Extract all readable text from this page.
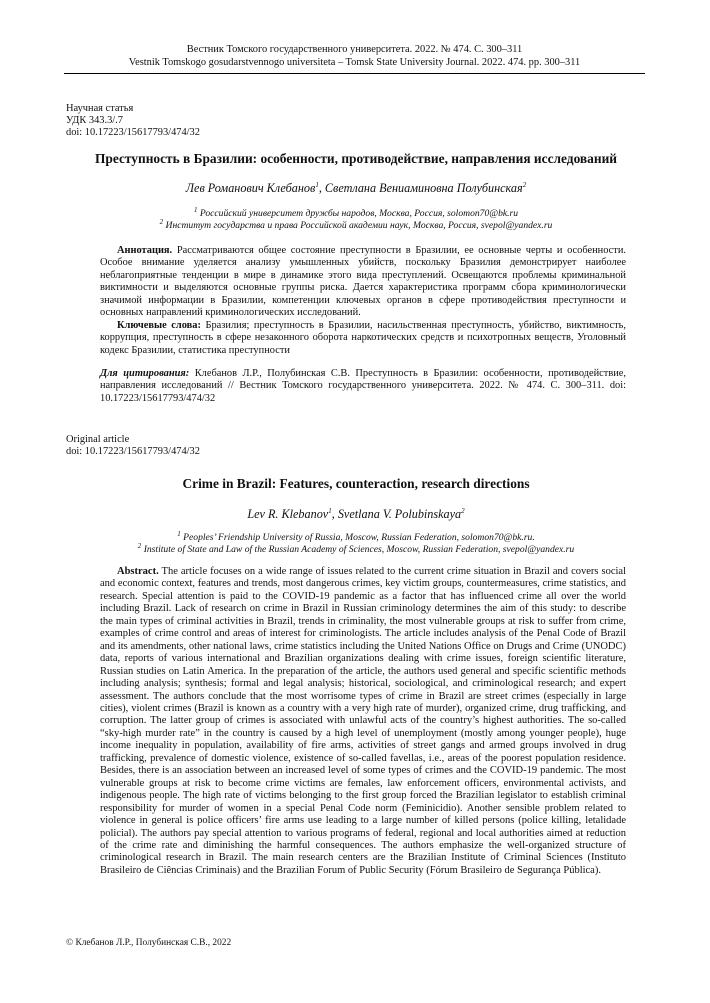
Вестник Томского государственного университета. 2022. № 474. С. 300–311
Vestnik Tomskogo gosudarstvennogo universiteta – Tomsk State University Journal. 2022. 474. pp. 300–311
Научная статья
УДК 343.3/.7
doi: 10.17223/15617793/474/32
Преступность в Бразилии: особенности, противодействие, направления исследований
Лев Романович Клебанов$^1$, Светлана Вениаминовна Полубинская$^2$
$^1$ Российский университет дружбы народов, Москва, Россия, solomon70@bk.ru
$^2$ Институт государства и права Российской академии наук, Москва, Россия, svepol@yandex.ru

Аннотация. Рассматриваются общее состояние преступности в Бразилии, ее основные черты и особенности. Особое внимание уделяется анализу умышленных убийств, поскольку Бразилия демонстрирует наиболее неблагоприятные тенденции в мире в динамике этого вида преступлений. Освещаются проблемы криминальной виктимности и выделяются основные группы риска. Дается характеристика программ сбора криминологически значимой информации в Бразилии, компетенции ключевых органов в сфере противодействия преступности и основных направлений криминологических исследований.

Ключевые слова: Бразилия; преступность в Бразилии, насильственная преступность, убийство, виктимность, коррупция, преступность в сфере незаконного оборота наркотических средств и психотропных веществ, Уголовный кодекс Бразилии, статистика преступности

Для цитирования: Клебанов Л.Р., Полубинская С.В. Преступность в Бразилии: особенности, противодействие, направления исследований // Вестник Томского государственного университета. 2022. № 474. С. 300–311. doi: 10.17223/15617793/474/32

Original article
doi: 10.17223/15617793/474/32
Crime in Brazil: Features, counteraction, research directions
Lev R. Klebanov$^1$, Svetlana V. Polubinskaya$^2$
$^1$ Peoples’ Friendship University of Russia, Moscow, Russian Federation, solomon70@bk.ru.
$^2$ Institute of State and Law of the Russian Academy of Sciences, Moscow, Russian Federation, svepol@yandex.ru

Abstract. The article focuses on a wide range of issues related to the current crime situation in Brazil and covers social and economic context, features and trends, most dangerous crimes, key victim groups, countermeasures, crime statistics, and research. Special attention is paid to the COVID-19 pandemic as a factor that has influenced crime all over the world including Brazil. Lack of research on crime in Brazil in Russian criminology determines the aim of this study: to describe the main types of criminal activities in Brazil, trends in criminality, the most vulnerable groups at risk to suffer from crime, examples of crime control and areas of interest for criminologists. The article includes analysis of the Penal Code of Brazil and its amendments, other national laws, crime statistics including the United Nations Office on Drugs and Crime (UNODC) data, reports of various international and Brazilian organizations dealing with crime issues, foreign scientific literature, Russian studies on Latin America. In the preparation of the article, the authors used general and specific scientific methods including analysis; synthesis; formal and legal analysis; historical, sociological, and criminological research; and expert assessment. The authors conclude that the most worrisome types of crime in Brazil are street crimes (especially in large cities), violent crimes (Brazil is known as a country with a very high rate of murder), organized crime, drug trafficking, and corruption. The latter group of crimes is associated with unlawful acts of the country’s highest authorities. The so-called “sky-high murder rate” in the country is caused by a high level of unemployment (mostly among younger people), huge income inequality in population, availability of fire arms, activities of street gangs and armed groups involved in drug trafficking, prevalence of domestic violence, existence of so-called favellas, i.e., areas of the poorest population residence. Besides, there is an association between an increased level of some types of crimes and the COVID-19 pandemic. The most vulnerable groups at risk to become crime victims are females, law enforcement officers, environmental activists, and indigenous people. The high rate of victims belonging to the first group forced the Brazilian legislator to establish criminal responsibility for murder of women in a special Penal Code norm (Feminicidio). Another sensible problem related to violence in general is police officers’ fire arms use leading to a large number of killed persons (police killing, letalidade policial). The authors pay special attention to various programs of federal, regional and local authorities aimed at reduction of the crime rate and diminishing the harmful consequences. The authors emphasize the well-organized structure of criminological research in Brazil. The main research centers are the Brazilian Institute of Criminal Sciences (Instituto Brasileiro de Ciências Criminais) and the Brazilian Forum of Public Security (Fórum Brasileiro de Segurança Pública).

© Клебанов Л.Р., Полубинская С.В., 2022
